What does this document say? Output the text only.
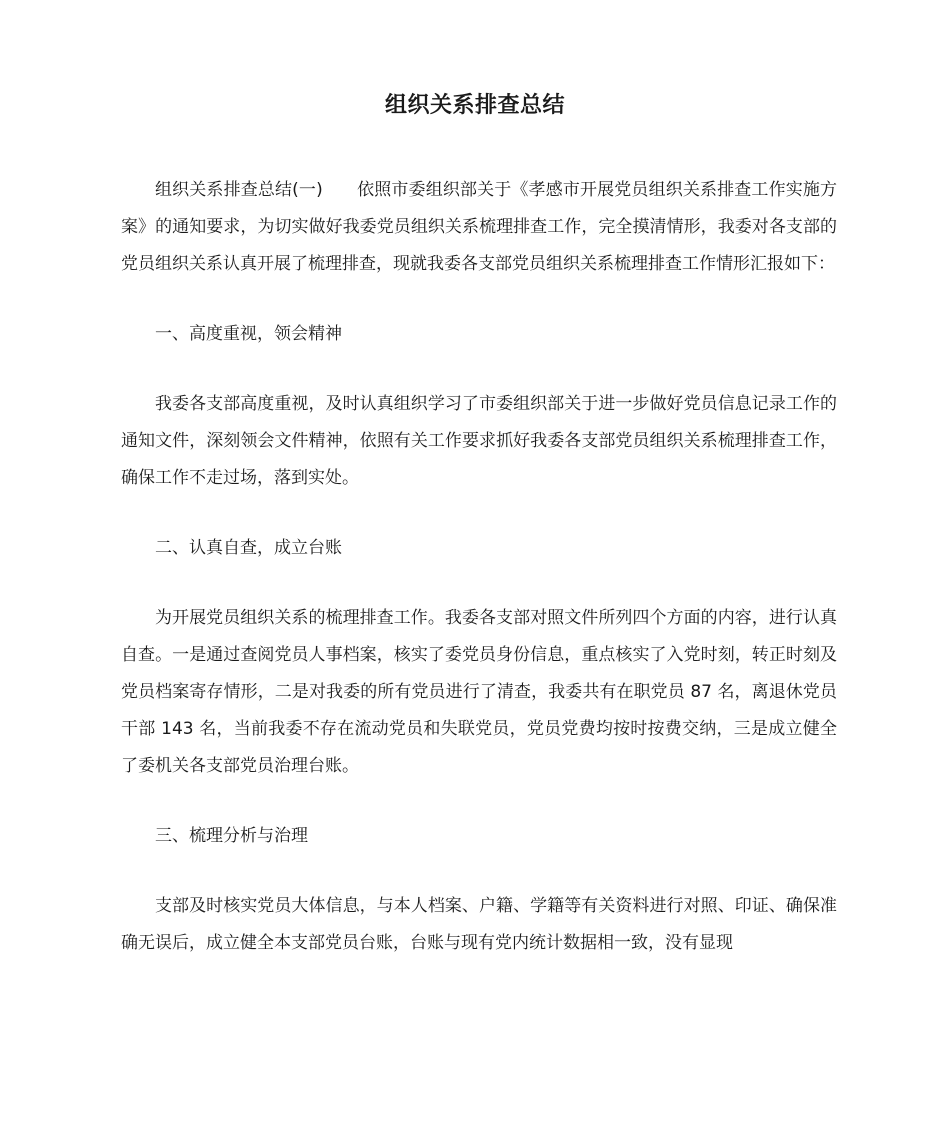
组织关系排查总结

组织关系排查总结(一)　　依照市委组织部关于《孝感市开展党员组织关系排查工作实施方案》的通知要求，为切实做好我委党员组织关系梳理排查工作，完全摸清情形，我委对各支部的党员组织关系认真开展了梳理排查，现就我委各支部党员组织关系梳理排查工作情形汇报如下：

一、高度重视，领会精神

我委各支部高度重视，及时认真组织学习了市委组织部关于进一步做好党员信息记录工作的通知文件，深刻领会文件精神，依照有关工作要求抓好我委各支部党员组织关系梳理排查工作，确保工作不走过场，落到实处。

二、认真自查，成立台账

为开展党员组织关系的梳理排查工作。我委各支部对照文件所列四个方面的内容，进行认真自查。一是通过查阅党员人事档案，核实了委党员身份信息，重点核实了入党时刻，转正时刻及党员档案寄存情形，二是对我委的所有党员进行了清查，我委共有在职党员 87 名，离退休党员干部 143 名，当前我委不存在流动党员和失联党员，党员党费均按时按费交纳，三是成立健全了委机关各支部党员治理台账。

三、梳理分析与治理

支部及时核实党员大体信息，与本人档案、户籍、学籍等有关资料进行对照、印证、确保准确无误后，成立健全本支部党员台账，台账与现有党内统计数据相一致，没有显现
